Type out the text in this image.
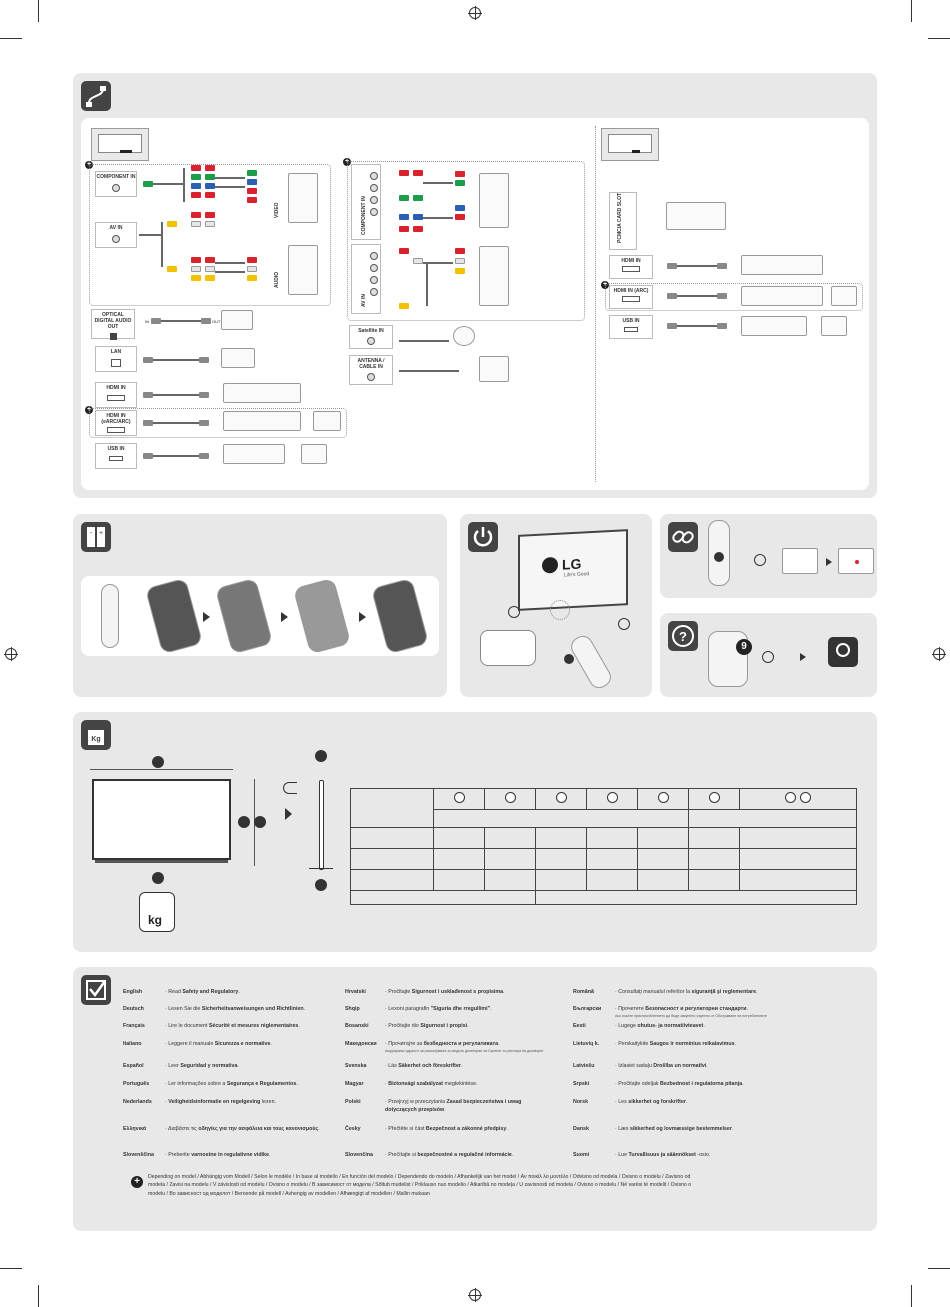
+
COMPONENT IN
AV IN
VIDEO
AUDIO
OPTICAL DIGITAL AUDIO OUT
IN	OUT
LAN
HDMI IN
+
HDMI IN (eARC/ARC)
USB IN
+
COMPONENT IN
AV IN
Satellite IN
ANTENNA / CABLE IN
PCMCIA CARD SLOT
HDMI IN
+
HDMI IN (ARC)
USB IN
- +
LG
Life's Good
?
9
Kg
kg

English	· Read Safety and Regulatory.
Deutsch	· Lesen Sie die Sicherheitsanweisungen und Richtlinien.
Français	· Lire le document Sécurité et mesures réglementaires.
Italiano	· Leggere il manuale Sicurezza e normative.
Español	· Leer Seguridad y normativa.
Português	· Ler informações sobre a Segurança e Regulamentos.
Nederlands · Veiligheidsinformatie en regelgeving lezen.
Ελληνικά	· Διαβάστε τις οδηγίες για την ασφάλεια και τους κανονισμούς.
Slovenščina · Preberite varnostne in regulativne vidike.
Hrvatski	· Pročitajte Sigurnost i usklađenost s propisima.
Shqip	· Lexoni paragrafin "Siguria dhe rregullimi".
Bosanski	· Pročitajte dio Sigurnost i propisi.
Македонски · Прочитајте за безбедноста и регулативата.
Ажурирање адресот за раскопување со видото делегиран за Сусинот со рестира на договорот
Svenska	· Läs Säkerhet och föreskrifter.
Magyar	· Biztonsági szabályzat megtekintése.
Polski	· Przejrzyj w przeczytania Zasad bezpieczeństwa i uwag dotyczących przepisów.
Česky	· Přečtěte si část Bezpečnost a zákonné předpisy.
Slovenčina · Prečítajte si bezpečnostné a regulačné informácie.
Română	· Consultaţi manualul referitor la siguranţă şi reglementare.
Български	· Прочетете Безопасност и регулаторни стандарти.
Ако искате приспособлението да бъде закупено отделно от Обслужване на потребителите
Eesti	· Lugege ohutus- ja normatiivteavet.
Lietuvių k.	· Perskaitykite Saugos ir norminius reikalavimus.
Latviešu	· Izlasiet sadaļu Drošība un normatīvi.
Srpski	· Pročitajte odeljak Bezbednost i regulatorna pitanja.
Norsk	· Les sikkerhet og forskrifter.
Dansk	· Læs sikkerhed og lovmæssige bestemmelser.
Suomi	· Lue Turvallisuus ja säännökset -osio.
+	Depending on model / Abhängig vom Modell / Selon le modèle / In base al modello / En función del modelo / Dependendo do modelo / Afhankelijk van het model / Αν ποικίλ λο μοντέλο / Odvisno od modela / Ovisno o modelu / Zavisno od modela / Zavisi na modelu / V závislosti od modelu / Ovisno o modelu / В зависимост от модела / Sõltub mudelist / Priklauso nuo modelio / Atkarībā no modeļa / U zavisnosti od modela / Ovisno o modelu / Në varësi të modelit / Ovisno o modelu / Во зависност од моделот / Beroende på modell / Avhengig av modellen / Afhængigt af modellen / Mallin mukaan
